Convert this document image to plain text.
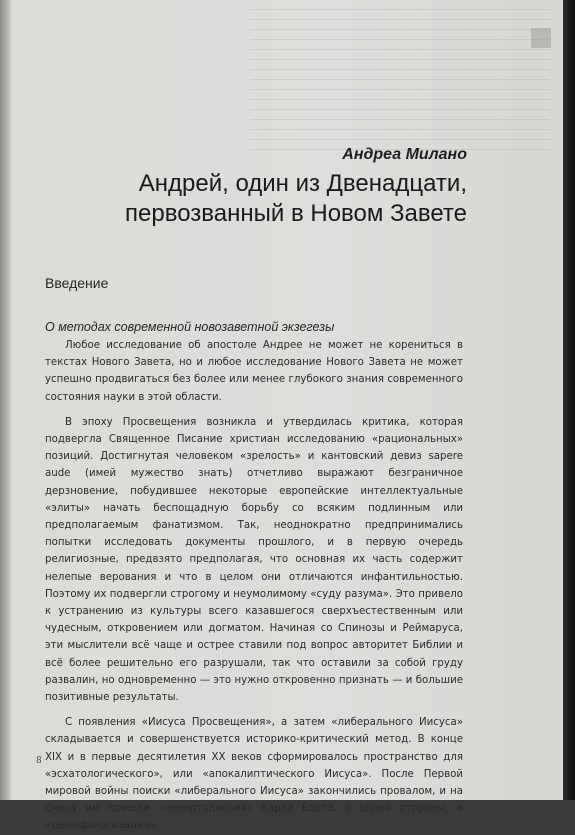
Андреа Милано
Андрей, один из Двенадцати,
первозванный в Новом Завете
Введение
О методах современной новозаветной экзегезы

Любое исследование об апостоле Андрее не может не корениться в текстах Нового Завета, но и любое исследование Нового Завета не может успешно продвигаться без более или менее глубокого знания современного состояния науки в этой области.

В эпоху Просвещения возникла и утвердилась критика, которая подвергла Священное Писание христиан исследованию «рациональных» позиций. Достигнутая человеком «зрелость» и кантовский девиз sapere aude (имей мужество знать) отчетливо выражают безграничное дерзновение, побудившее некоторые европейские интеллектуальные «элиты» начать беспощадную борьбу со всяким подлинным или предполагаемым фанатизмом. Так, неоднократно предпринимались попытки исследовать документы прошлого, и в первую очередь религиозные, предвзято предполагая, что основная их часть содержит нелепые верования и что в целом они отличаются инфантильностью. Поэтому их подвергли строгому и неумолимому «суду разума». Это привело к устранению из культуры всего казавшегося сверхъестественным или чудесным, откровением или догматом. Начиная со Спинозы и Реймаруса, эти мыслители всё чаще и острее ставили под вопрос авторитет Библии и всё более решительно его разрушали, так что оставили за собой груду развалин, но одновременно — это нужно откровенно признать — и большие позитивные результаты.

С появления «Иисуса Просвещения», а затем «либерального Иисуса» складывается и совершенствуется историко-критический метод. В конце XIX и в первые десятилетия XX веков сформировалось пространство для «эсхатологического», или «апокалиптического Иисуса». После Первой мировой войны поиски «либерального Иисуса» закончились провалом, и на смену им пришли «неоортодоксия» Карла Барта, с одной стороны, и «демифологизация»

8
